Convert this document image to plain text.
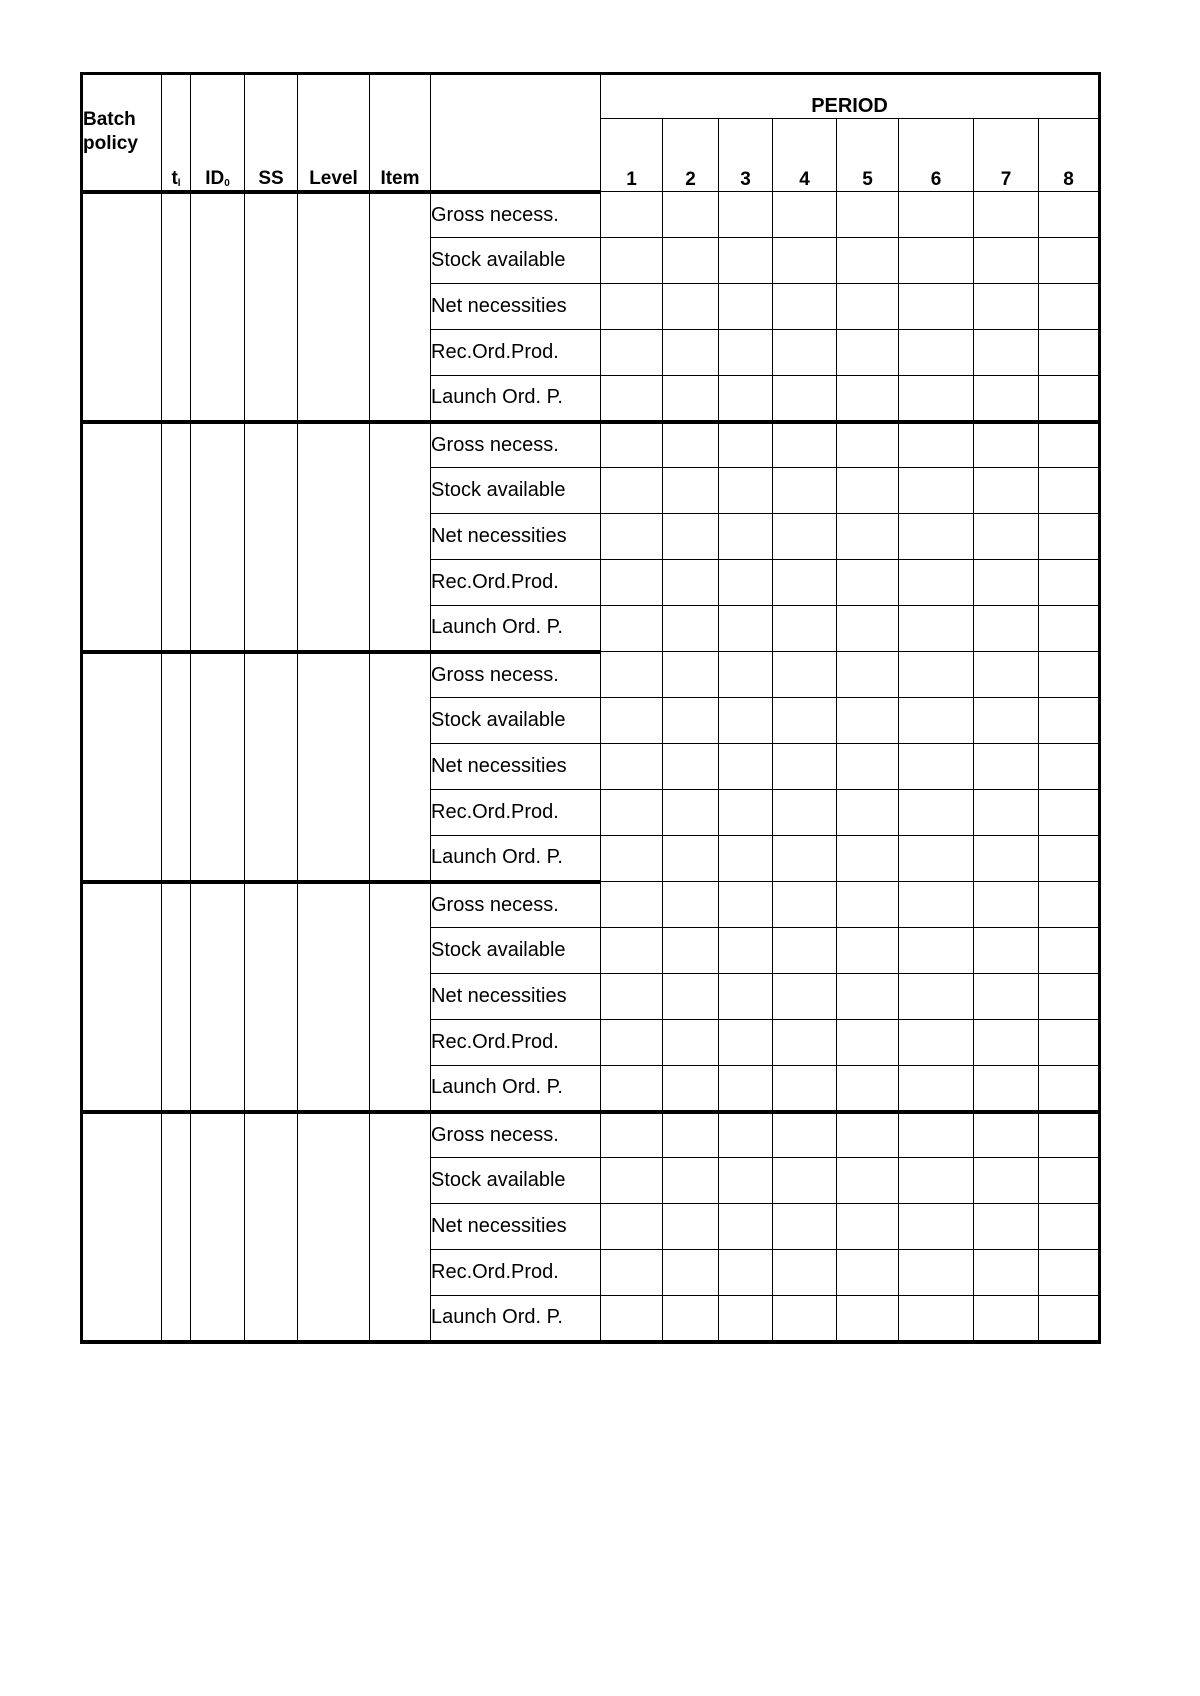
Batch
policy	$t_l$	$ID_0$	SS	Level	Item		PERIOD							
							1	2	3	4	5	6	7	8
						Gross necess.								
						Stock available								
						Net necessities								
						Rec.Ord.Prod.								
						Launch Ord. P.								
						Gross necess.								
						Stock available								
						Net necessities								
						Rec.Ord.Prod.								
						Launch Ord. P.								
						Gross necess.								
						Stock available								
						Net necessities								
						Rec.Ord.Prod.								
						Launch Ord. P.								
						Gross necess.								
						Stock available								
						Net necessities								
						Rec.Ord.Prod.								
						Launch Ord. P.								
						Gross necess.								
						Stock available								
						Net necessities								
						Rec.Ord.Prod.								
						Launch Ord. P.								
